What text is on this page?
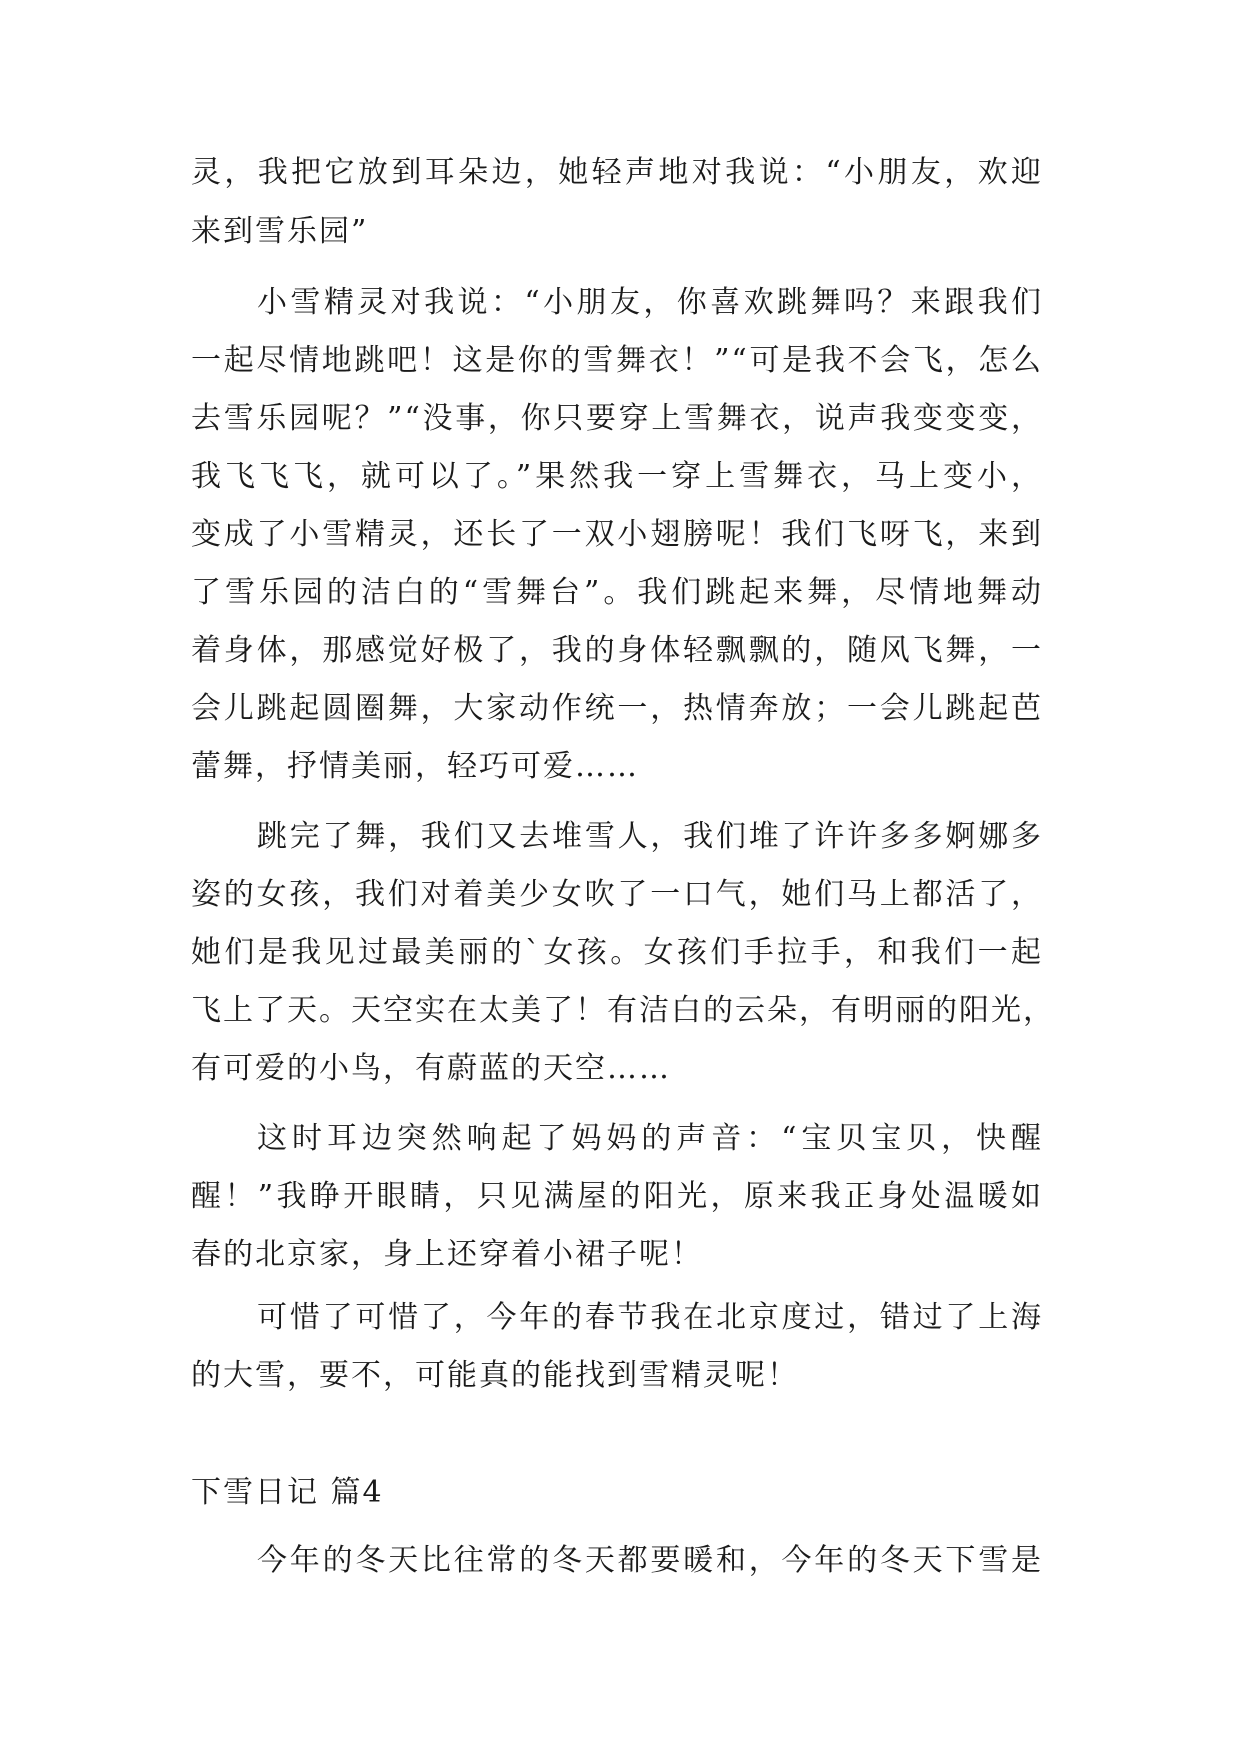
灵，我把它放到耳朵边，她轻声地对我说：“小朋友，欢迎
来到雪乐园”
小雪精灵对我说：“小朋友，你喜欢跳舞吗？来跟我们
一起尽情地跳吧！这是你的雪舞衣！”“可是我不会飞，怎么
去雪乐园呢？”“没事，你只要穿上雪舞衣，说声我变变变，
我飞飞飞，就可以了。”果然我一穿上雪舞衣，马上变小，
变成了小雪精灵，还长了一双小翅膀呢！我们飞呀飞，来到
了雪乐园的洁白的“雪舞台”。我们跳起来舞，尽情地舞动
着身体，那感觉好极了，我的身体轻飘飘的，随风飞舞，一
会儿跳起圆圈舞，大家动作统一，热情奔放；一会儿跳起芭
蕾舞，抒情美丽，轻巧可爱……
跳完了舞，我们又去堆雪人，我们堆了许许多多婀娜多
姿的女孩，我们对着美少女吹了一口气，她们马上都活了，
她们是我见过最美丽的`女孩。女孩们手拉手，和我们一起
飞上了天。天空实在太美了！有洁白的云朵，有明丽的阳光，
有可爱的小鸟，有蔚蓝的天空……
这时耳边突然响起了妈妈的声音：“宝贝宝贝，快醒
醒！”我睁开眼睛，只见满屋的阳光，原来我正身处温暖如
春的北京家，身上还穿着小裙子呢！
可惜了可惜了，今年的春节我在北京度过，错过了上海
的大雪，要不，可能真的能找到雪精灵呢！
下雪日记 篇4
今年的冬天比往常的冬天都要暖和，今年的冬天下雪是
